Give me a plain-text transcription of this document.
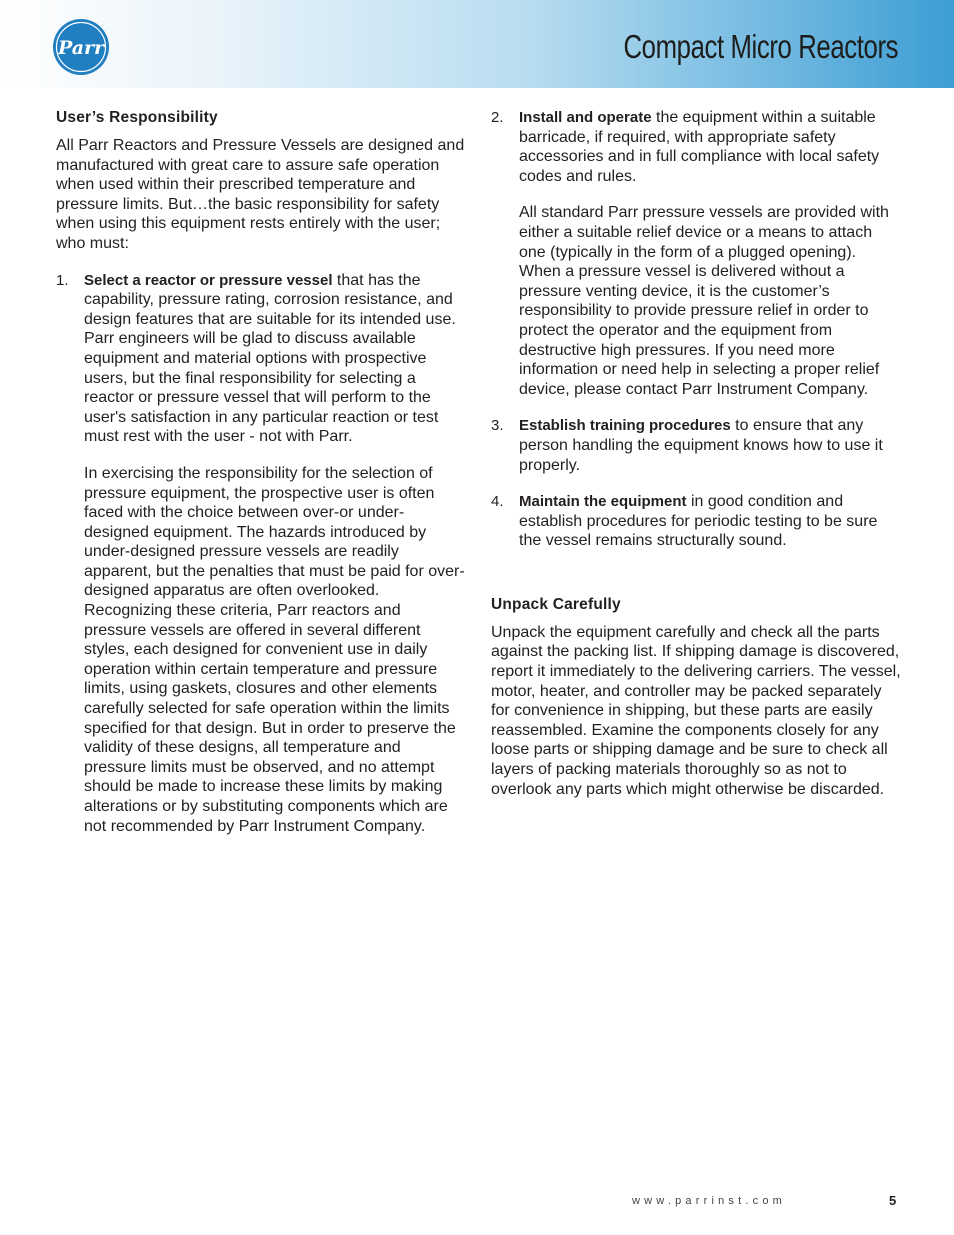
Parr	Compact Micro Reactors
User’s Responsibility

All Parr Reactors and Pressure Vessels are designed and manufactured with great care to assure safe operation when used within their prescribed temperature and pressure limits. But…the basic responsibility for safety when using this equipment rests entirely with the user; who must:

1. Select a reactor or pressure vessel that has the capability, pressure rating, corrosion resistance, and design features that are suitable for its intended use. Parr engineers will be glad to discuss available equipment and material options with prospective users, but the final responsibility for selecting a reactor or pressure vessel that will perform to the user's satisfaction in any particular reaction or test must rest with the user - not with Parr.

In exercising the responsibility for the selection of pressure equipment, the prospective user is often faced with the choice between over-or under-designed equipment. The hazards introduced by under-designed pressure vessels are readily apparent, but the penalties that must be paid for over-designed apparatus are often overlooked. Recognizing these criteria, Parr reactors and pressure vessels are offered in several different styles, each designed for convenient use in daily operation within certain temperature and pressure limits, using gaskets, closures and other elements carefully selected for safe operation within the limits specified for that design. But in order to preserve the validity of these designs, all temperature and pressure limits must be observed, and no attempt should be made to increase these limits by making alterations or by substituting components which are not recommended by Parr Instrument Company.

2. Install and operate the equipment within a suitable barricade, if required, with appropriate safety accessories and in full compliance with local safety codes and rules.

All standard Parr pressure vessels are provided with either a suitable relief device or a means to attach one (typically in the form of a plugged opening). When a pressure vessel is delivered without a pressure venting device, it is the customer’s responsibility to provide pressure relief in order to protect the operator and the equipment from destructive high pressures. If you need more information or need help in selecting a proper relief device, please contact Parr Instrument Company.

3. Establish training procedures to ensure that any person handling the equipment knows how to use it properly.

4. Maintain the equipment in good condition and establish procedures for periodic testing to be sure the vessel remains structurally sound.

Unpack Carefully

Unpack the equipment carefully and check all the parts against the packing list. If shipping damage is discovered, report it immediately to the delivering carriers. The vessel, motor, heater, and controller may be packed separately for convenience in shipping, but these parts are easily reassembled. Examine the components closely for any loose parts or shipping damage and be sure to check all layers of packing materials thoroughly so as not to overlook any parts which might otherwise be discarded.

www.parrinst.com	5
